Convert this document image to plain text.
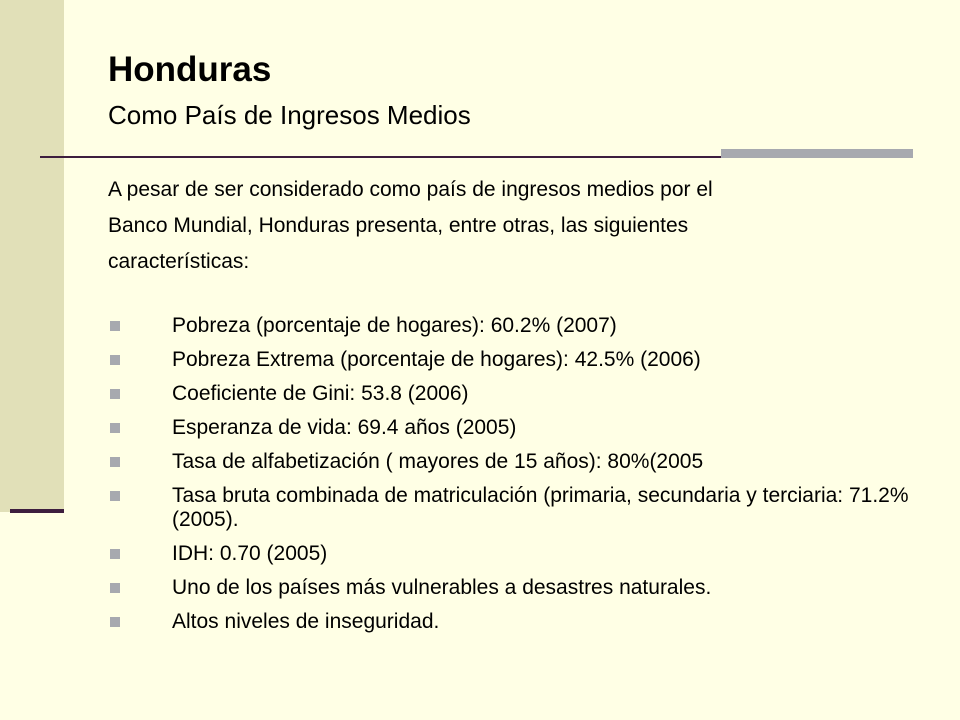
Honduras
Como País de Ingresos Medios
A pesar de ser considerado como país de ingresos medios por el
Banco Mundial, Honduras presenta, entre otras, las siguientes
características:
Pobreza (porcentaje de hogares): 60.2% (2007)
Pobreza Extrema (porcentaje de hogares): 42.5% (2006)
Coeficiente de Gini: 53.8 (2006)
Esperanza de vida: 69.4 años (2005)
Tasa de alfabetización ( mayores de 15 años): 80%(2005
Tasa bruta combinada de matriculación (primaria, secundaria y terciaria: 71.2% (2005).
IDH: 0.70 (2005)
Uno de los países más vulnerables a desastres naturales.
Altos niveles de inseguridad.
